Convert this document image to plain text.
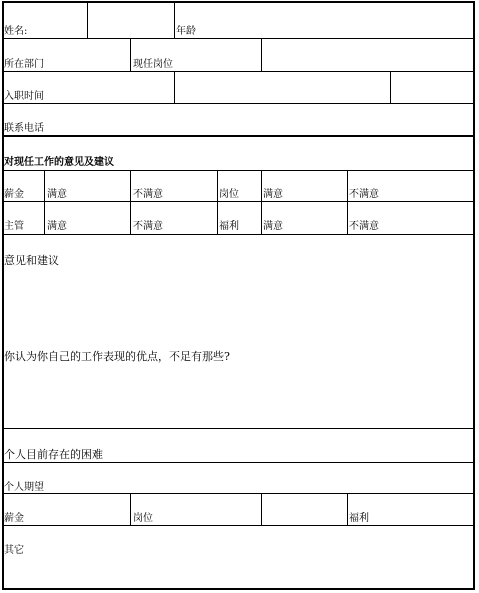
姓名:	年龄
所在部门	现任岗位
入职时间
联系电话
对现任工作的意见及建议
薪金 满意	不满意	岗位 满意	不满意
主管 满意	不满意	福利 满意	不满意
意见和建议
你认为你自己的工作表现的优点，不足有那些?
个人目前存在的困难
个人期望
薪金	岗位	福利
其它
